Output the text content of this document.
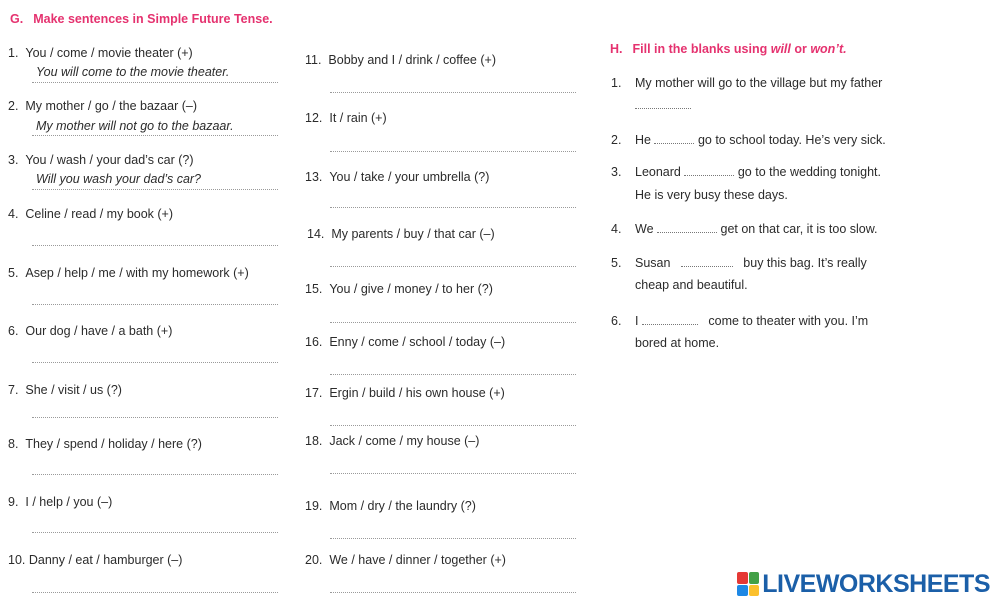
G. Make sentences in Simple Future Tense.
1. You / come / movie theater (+)
You will come to the movie theater.
2. My mother / go / the bazaar (–)
My mother will not go to the bazaar.
3. You / wash / your dad’s car (?)
Will you wash your dad’s car?
4. Celine / read / my book (+)
5. Asep / help / me / with my homework (+)
6. Our dog / have / a bath (+)
7. She / visit / us (?)
8. They / spend / holiday / here (?)
9. I / help / you (–)
10. Danny / eat / hamburger (–)
11. Bobby and I / drink / coffee (+)
12. It / rain (+)
13. You / take / your umbrella (?)
14. My parents / buy / that car (–)
15. You / give / money / to her (?)
16. Enny / come / school / today (–)
17. Ergin / build / his own house (+)
18. Jack / come / my house (–)
19. Mom / dry / the laundry (?)
20. We / have / dinner / together (+)
H. Fill in the blanks using will or won’t.
1. My mother will go to the village but my father
2. He	go to school today. He’s very sick.
3. Leonard	go to the wedding tonight.
He is very busy these days.
4. We	get on that car, it is too slow.
5. Susan	buy this bag. It’s really
cheap and beautiful.
6. I	come to theater with you. I’m
bored at home.
LIVEWORKSHEETS
